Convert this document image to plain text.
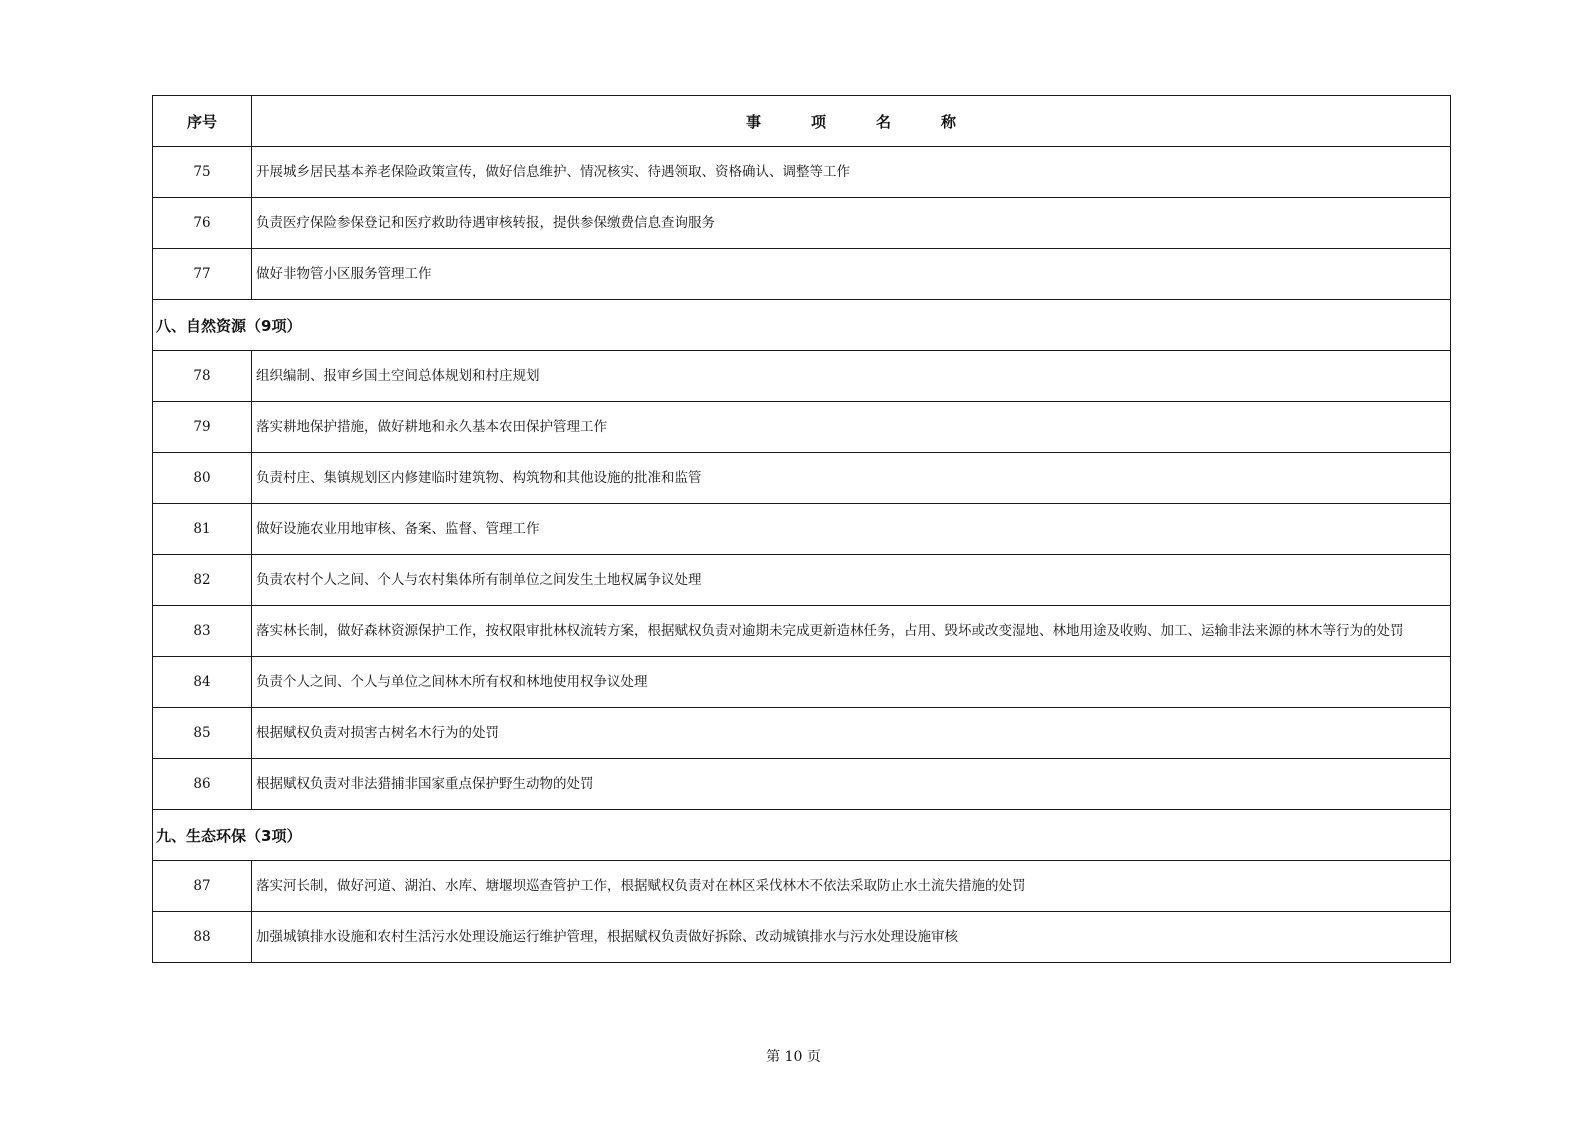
序号	事项名称
75	开展城乡居民基本养老保险政策宣传，做好信息维护、情况核实、待遇领取、资格确认、调整等工作
76	负责医疗保险参保登记和医疗救助待遇审核转报，提供参保缴费信息查询服务
77	做好非物管小区服务管理工作
八、自然资源（9项）	
78	组织编制、报审乡国土空间总体规划和村庄规划
79	落实耕地保护措施，做好耕地和永久基本农田保护管理工作
80	负责村庄、集镇规划区内修建临时建筑物、构筑物和其他设施的批准和监管
81	做好设施农业用地审核、备案、监督、管理工作
82	负责农村个人之间、个人与农村集体所有制单位之间发生土地权属争议处理
83	落实林长制，做好森林资源保护工作，按权限审批林权流转方案，根据赋权负责对逾期未完成更新造林任务，占用、毁坏或改变湿地、林地用途及收购、加工、运输非法来源的林木等行为的处罚
84	负责个人之间、个人与单位之间林木所有权和林地使用权争议处理
85	根据赋权负责对损害古树名木行为的处罚
86	根据赋权负责对非法猎捕非国家重点保护野生动物的处罚
九、生态环保（3项）	
87	落实河长制，做好河道、湖泊、水库、塘堰坝巡查管护工作，根据赋权负责对在林区采伐林木不依法采取防止水土流失措施的处罚
88	加强城镇排水设施和农村生活污水处理设施运行维护管理，根据赋权负责做好拆除、改动城镇排水与污水处理设施审核
第 10 页
